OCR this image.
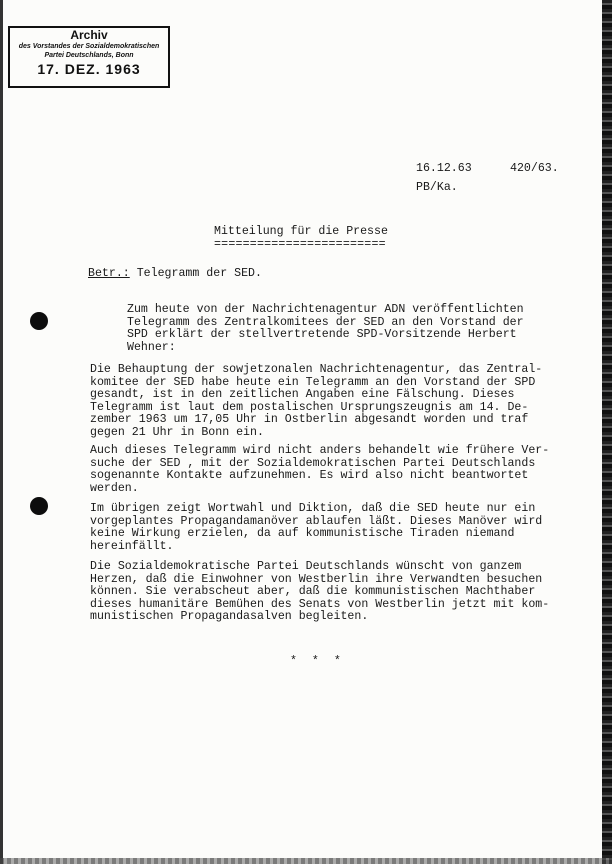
Archiv
des Vorstandes der Sozialdemokratischen
Partei Deutschlands, Bonn
17. DEZ. 1963
16.12.63	420/63.
PB/Ka.
Mitteilung für die Presse
========================
Betr.: Telegramm der SED.
Zum heute von der Nachrichtenagentur ADN veröffentlichten
Telegramm des Zentralkomitees der SED an den Vorstand der
SPD erklärt der stellvertretende SPD-Vorsitzende Herbert
Wehner:
Die Behauptung der sowjetzonalen Nachrichtenagentur, das Zentral-
komitee der SED habe heute ein Telegramm an den Vorstand der SPD
gesandt, ist in den zeitlichen Angaben eine Fälschung. Dieses
Telegramm ist laut dem postalischen Ursprungszeugnis am 14. De-
zember 1963 um 17,05 Uhr in Ostberlin abgesandt worden und traf
gegen 21 Uhr in Bonn ein.
Auch dieses Telegramm wird nicht anders behandelt wie frühere Ver-
suche der SED , mit der Sozialdemokratischen Partei Deutschlands
sogenannte Kontakte aufzunehmen. Es wird also nicht beantwortet
werden.
Im übrigen zeigt Wortwahl und Diktion, daß die SED heute nur ein
vorgeplantes Propagandamanöver ablaufen läßt. Dieses Manöver wird
keine Wirkung erzielen, da auf kommunistische Tiraden niemand
hereinfällt.
Die Sozialdemokratische Partei Deutschlands wünscht von ganzem
Herzen, daß die Einwohner von Westberlin ihre Verwandten besuchen
können. Sie verabscheut aber, daß die kommunistischen Machthaber
dieses humanitäre Bemühen des Senats von Westberlin jetzt mit kom-
munistischen Propagandasalven begleiten.
* * *
